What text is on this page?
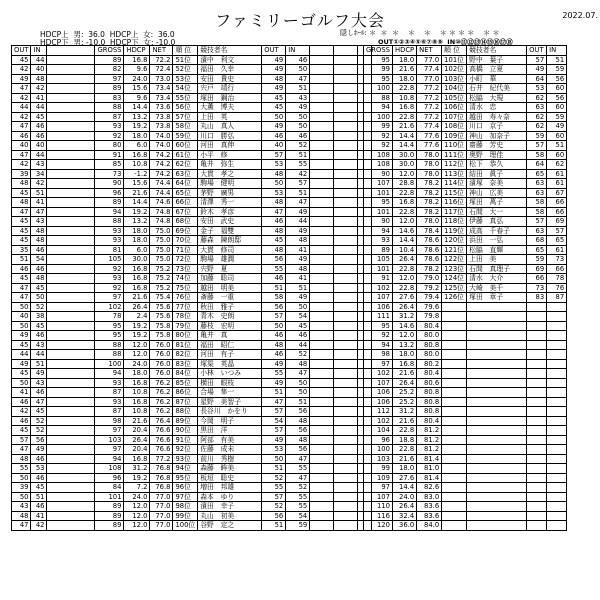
ファミリーゴルフ大会	2022.07.
HDCP上  男:  36.0  HDCP上  女:  36.0
HDCP下  男: -10.0  HDCP下  女: -10.0
隠しﾎｰﾙ: ＊  ＊  ＊    ＊    ＊    ＊ ＊ ＊ ＊    ＊ ＊
OUT①②③④⑤⑥⑦⑧⑨  IN⑩⑪⑫⑬⑭⑮⑯⑰⑱
OUT	IN		GROSS	HDCP	NET	順 位	競技者名	OUT	IN			
45	44		89	16.8	72.2	51位	濱中　利文	49	46			
42	40		82	9.6	72.4	52位	福田　久幸	49	50			
49	48		97	24.0	73.0	53位	安田　貴史	48	47			
47	42		89	15.6	73.4	54位	宍戸　靖行	49	51			
42	41		83	9.6	73.4	55位	塚田　鋼治	45	43			
44	44		88	14.4	73.6	56位	大薫　博夫	45	49			
42	45		87	13.2	73.8	57位	上田　英	50	50			
47	46		93	19.2	73.8	58位	丸山　真人	49	50			
46	46		92	18.0	74.0	59位	川口　勝弘	46	46			
40	40		80	6.0	74.0	60位	河田　真伸	40	52			
47	44		91	16.8	74.2	61位	小平　修	57	51			
42	43		85	10.8	74.2	62位	亀井　弥生	53	55			
39	34		73	-1.2	74.2	63位	大貫　孝之	48	42			
48	42		90	15.6	74.4	64位	駒場　健明	50	57			
45	51		96	21.6	74.4	65位	茅野　廣男	53	51			
48	41		89	14.4	74.6	66位	清澤　秀一	48	47			
47	47		94	19.2	74.8	67位	鈴木　孝彦	47	49			
45	43		88	13.2	74.8	68位	安田　武史	46	44			
45	48		93	18.0	75.0	69位	金子　福雙	48	49			
45	48		93	18.0	75.0	70位	藤森　陳朗邸	45	48			
35	46		81	6.0	75.0	71位	大貫　修司	48	41			
51	54		105	30.0	75.0	72位	駒場　雄潤	56	49			
46	46		92	16.8	75.2	73位	宍野　夏	55	48			
45	48		93	16.8	75.2	74位	加藤　聡司	46	41			
47	45		92	16.8	75.2	75位	越田　明美	51	51			
47	50		97	21.6	75.4	76位	斎藤　一重	58	49			
50	52		102	26.4	75.6	77位	秋田　雅子	56	50			
40	38		78	2.4	75.6	78位	青木　史朗	57	54			
50	45		95	19.2	75.8	79位	藤枝　宏明	50	45			
49	46		95	19.2	75.8	80位	亀井　真	46	46			
45	43		88	12.0	76.0	81位	福田　昭仁	48	44			
44	44		88	12.0	76.0	82位	河田　有子	46	52			
49	51		100	24.0	76.0	83位	塚渠　英晶	49	48			
45	49		94	18.0	76.0	84位	小林　いつみ	55	47			
50	43		93	16.8	76.2	85位	横田　眼枝	49	50			
41	46		87	10.8	76.2	86位	合場　隼一	51	50			
46	47		93	16.8	76.2	87位	星野　美智子	47	51			
42	45		87	10.8	76.2	88位	長谷川　かをり	57	56			
46	52		98	21.6	76.4	89位	今岡　明子	54	48			
45	52		97	20.4	76.6	90位	黒田　洋	57	56			
57	56		103	26.4	76.6	91位	阿部　有美	49	48			
47	49		97	20.4	76.6	92位	佐藤　成未	53	56			
48	46		94	16.8	77.2	93位	前川　秀樹	50	47			
55	53		108	31.2	76.8	94位	森藤　眸美	51	55			
50	46		96	19.2	76.8	95位	板垣　聡史	52	47			
39	45		84	7.2	76.8	96位	増田　邦雄	55	52			
50	51		101	24.0	77.0	97位	森本　ゆり	57	55			
43	46		89	12.0	77.0	98位	濱田　幸子	52	55			
48	41		89	12.0	77.0	99位	丸山　初美	56	54			
47	42		89	12.0	77.0	100位	谷野　定之	51	59			
GROSS	HDCP	NET	順 位	競技者名	OUT	IN
95	18.0	77.0	101位	野中　葉子	57	51
99	21.6	77.4	102位	高橋　立夏	49	59
95	18.0	77.0	103位	小町　華	64	56
100	22.8	77.2	104位	石井　紀代美	53	60
88	10.8	77.2	105位	松脇　大規	62	56
94	16.8	77.2	106位	清水　忠	63	60
100	22.8	77.2	107位	越田　寿々奈	62	59
99	21.6	77.4	108位	川口　京子	62	49
92	14.4	77.6	109位	神山　加奈子	59	60
92	14.4	77.6	110位	齋藤　芳史	57	51
108	30.0	78.0	111位	奥野　理佳	58	60
108	30.0	78.0	112位	松下　恭久	64	62
90	12.0	78.0	113位	結田　眞子	65	61
107	28.8	78.2	114位	濱塚　奈美	63	61
101	22.8	78.2	115位	神山　広美	63	67
95	16.8	78.2	116位	塚田　萬子	58	66
101	22.8	78.2	117位	石間　大一	58	66
90	12.0	78.0	118位	伊藤　真弘	57	69
94	14.6	78.4	119位	成高　千春子	63	57
93	14.4	78.6	120位	浜田　一弘	68	65
89	10.4	78.6	121位	松脇　直輝	65	61
105	26.4	78.6	122位	上田　美	59	73
101	22.8	78.2	123位	石間　真理子	69	66
91	12.0	79.0	124位	清水　大介	66	78
102	22.8	79.2	125位	大崎　美千	73	76
107	27.6	79.4	126位	塚田　章子	83	87
106	26.4	79.6				
111	31.2	79.8				
95	14.6	80.4				
92	12.0	80.0				
94	13.2	80.8				
98	18.0	80.0				
97	16.8	80.2				
102	21.6	80.4				
107	26.4	80.6				
106	25.2	80.8				
106	25.2	80.8				
112	31.2	80.8				
102	21.6	80.4				
104	22.8	81.2				
96	18.8	81.2				
100	22.8	81.2				
103	21.6	81.4				
99	18.0	81.0				
109	27.6	81.4				
97	14.4	82.6				
107	24.0	83.0				
110	26.4	83.6				
116	32.4	83.6				
120	36.0	84.0				
